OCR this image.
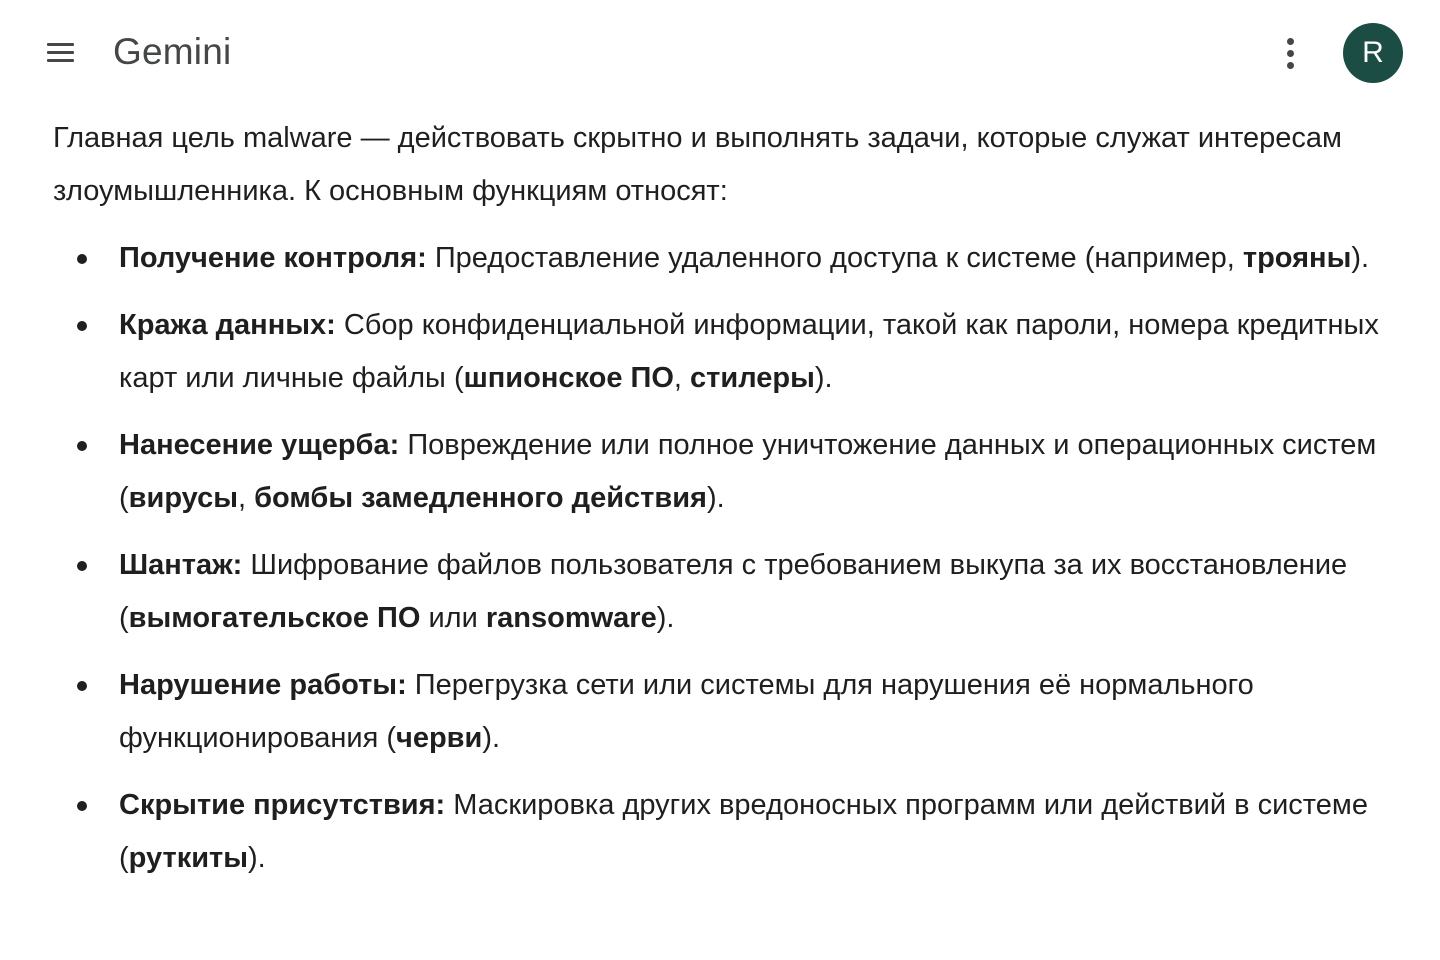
Gemini	R

Главная цель malware — действовать скрытно и выполнять задачи, которые служат интересам
злоумышленника. К основным функциям относят:

Получение контроля: Предоставление удаленного доступа к системе (например, трояны).
Кража данных: Сбор конфиденциальной информации, такой как пароли, номера кредитных карт или личные файлы (шпионское ПО, стилеры).
Нанесение ущерба: Повреждение или полное уничтожение данных и операционных систем (вирусы, бомбы замедленного действия).
Шантаж: Шифрование файлов пользователя с требованием выкупа за их восстановление (вымогательское ПО или ransomware).
Нарушение работы: Перегрузка сети или системы для нарушения её нормального функционирования (черви).
Скрытие присутствия: Маскировка других вредоносных программ или действий в системе (руткиты).
